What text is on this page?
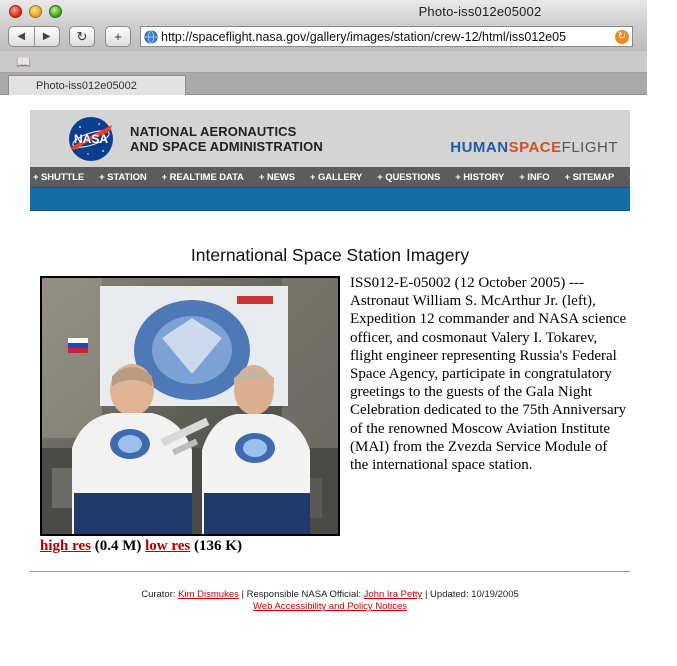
Photo-iss012e05002
◀ ▶ ↻ +
http://spaceflight.nasa.gov/gallery/images/station/crew-12/html/iss012e05	↻
📖
Photo-iss012e05002
NASA NATIONAL AERONAUTICS
AND SPACE ADMINISTRATION	HUMANSPACEFLIGHT
+ SHUTTLE + STATION + REALTIME DATA + NEWS + GALLERY + QUESTIONS + HISTORY + INFO + SITEMAP + SEARCH
International Space Station Imagery
ISS012-E-05002 (12 October 2005) --- Astronaut William S. McArthur Jr. (left), Expedition 12 commander and NASA science officer, and cosmonaut Valery I. Tokarev, flight engineer representing Russia's Federal Space Agency, participate in congratulatory greetings to the guests of the Gala Night Celebration dedicated to the 75th Anniversary of the renowned Moscow Aviation Institute (MAI) from the Zvezda Service Module of the international space station.
high res (0.4 M) low res (136 K)
Curator: Kim Dismukes | Responsible NASA Official: John Ira Petty | Updated: 10/19/2005
Web Accessibility and Policy Notices
